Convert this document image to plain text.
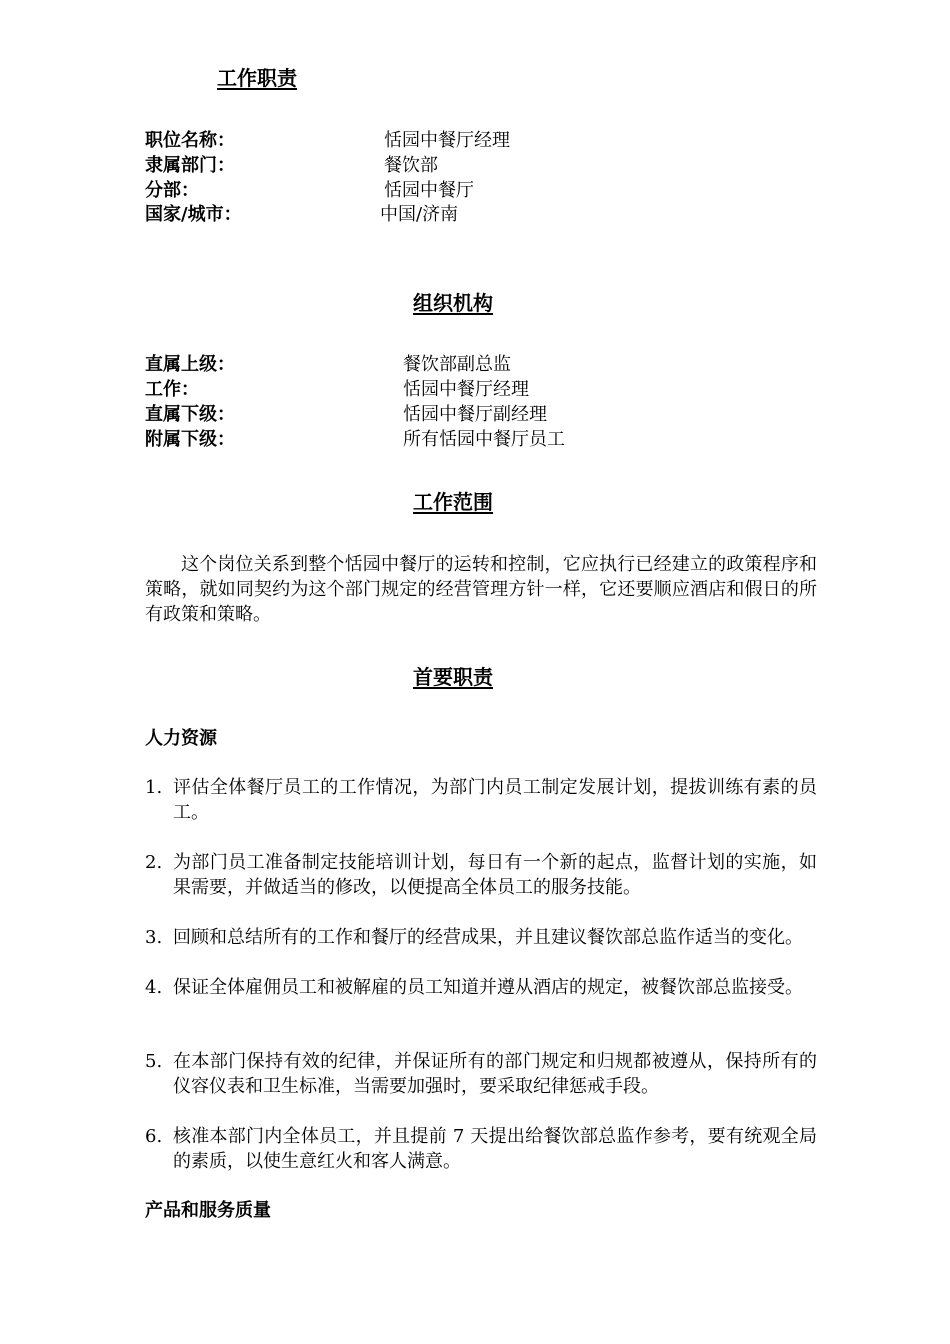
工作职责
职位名称：	恬园中餐厅经理
隶属部门：	餐饮部
分部：	恬园中餐厅
国家/城市：	中国/济南
组织机构
直属上级：	餐饮部副总监
工作：	恬园中餐厅经理
直属下级：	恬园中餐厅副经理
附属下级：	所有恬园中餐厅员工
工作范围
这个岗位关系到整个恬园中餐厅的运转和控制，它应执行已经建立的政策程序和策略，就如同契约为这个部门规定的经营管理方针一样，它还要顺应酒店和假日的所有政策和策略。
首要职责
人力资源
1. 评估全体餐厅员工的工作情况，为部门内员工制定发展计划，提拔训练有素的员工。
2. 为部门员工准备制定技能培训计划，每日有一个新的起点，监督计划的实施，如果需要，并做适当的修改，以便提高全体员工的服务技能。
3. 回顾和总结所有的工作和餐厅的经营成果，并且建议餐饮部总监作适当的变化。
4. 保证全体雇佣员工和被解雇的员工知道并遵从酒店的规定，被餐饮部总监接受。
5. 在本部门保持有效的纪律，并保证所有的部门规定和归规都被遵从，保持所有的仪容仪表和卫生标准，当需要加强时，要采取纪律惩戒手段。
6. 核准本部门内全体员工，并且提前 7 天提出给餐饮部总监作参考，要有统观全局的素质，以使生意红火和客人满意。
产品和服务质量
